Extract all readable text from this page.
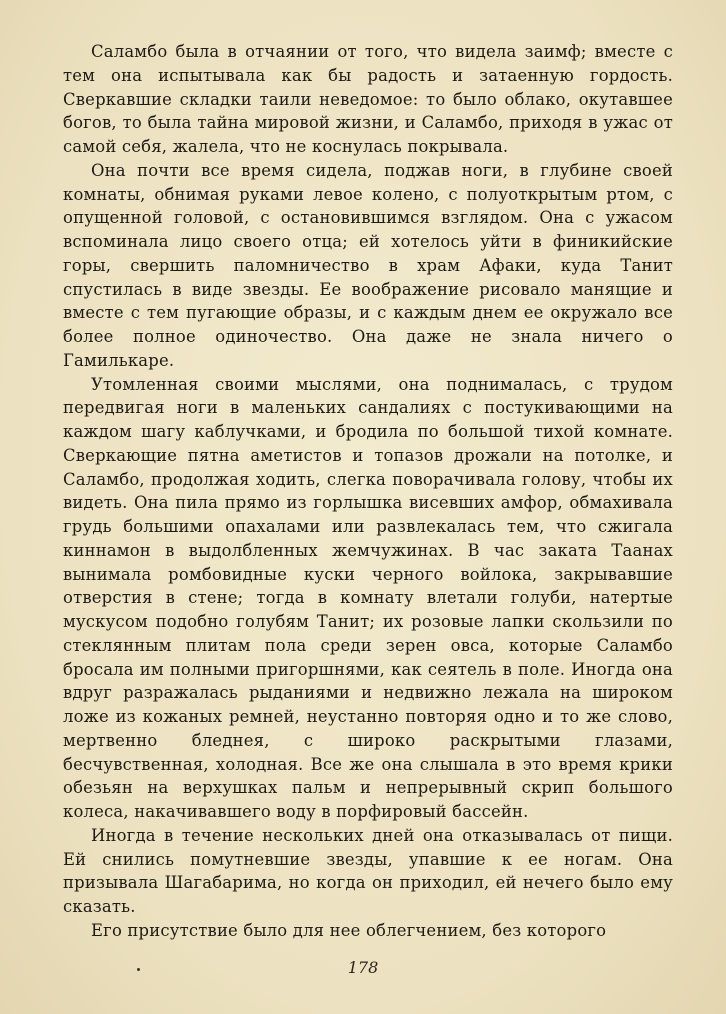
Саламбо была в отчаянии от того, что видела заимф; вместе с тем она испытывала как бы радость и затаенную гордость. Сверкавшие складки таили неведомое: то было облако, окутавшее богов, то была тайна мировой жизни, и Саламбо, приходя в ужас от самой себя, жалела, что не коснулась покрывала.

Она почти все время сидела, поджав ноги, в глубине своей комнаты, обнимая руками левое колено, с полуоткрытым ртом, с опущенной головой, с остановившимся взглядом. Она с ужасом вспоминала лицо своего отца; ей хотелось уйти в финикийские горы, свершить паломничество в храм Афаки, куда Танит спустилась в виде звезды. Ее воображение рисовало манящие и вместе с тем пугающие образы, и с каждым днем ее окружало все более полное одиночество. Она даже не знала ничего о Гамилькаре.

Утомленная своими мыслями, она поднималась, с трудом передвигая ноги в маленьких сандалиях с постукивающими на каждом шагу каблучками, и бродила по большой тихой комнате. Сверкающие пятна аметистов и топазов дрожали на потолке, и Саламбо, продолжая ходить, слегка поворачивала голову, чтобы их видеть. Она пила прямо из горлышка висевших амфор, обмахивала грудь большими опахалами или развлекалась тем, что сжигала киннамон в выдолбленных жемчужинах. В час заката Таанах вынимала ромбовидные куски черного войлока, закрывавшие отверстия в стене; тогда в комнату влетали голуби, натертые мускусом подобно голубям Танит; их розовые лапки скользили по стеклянным плитам пола среди зерен овса, которые Саламбо бросала им полными пригоршнями, как сеятель в поле. Иногда она вдруг разражалась рыданиями и недвижно лежала на широком ложе из кожаных ремней, неустанно повторяя одно и то же слово, мертвенно бледнея, с широко раскрытыми глазами, бесчувственная, холодная. Все же она слышала в это время крики обезьян на верхушках пальм и непрерывный скрип большого колеса, накачивавшего воду в порфировый бассейн.

Иногда в течение нескольких дней она отказывалась от пищи. Ей снились помутневшие звезды, упавшие к ее ногам. Она призывала Шагабарима, но когда он приходил, ей нечего было ему сказать.

Его присутствие было для нее облегчением, без которого

178
